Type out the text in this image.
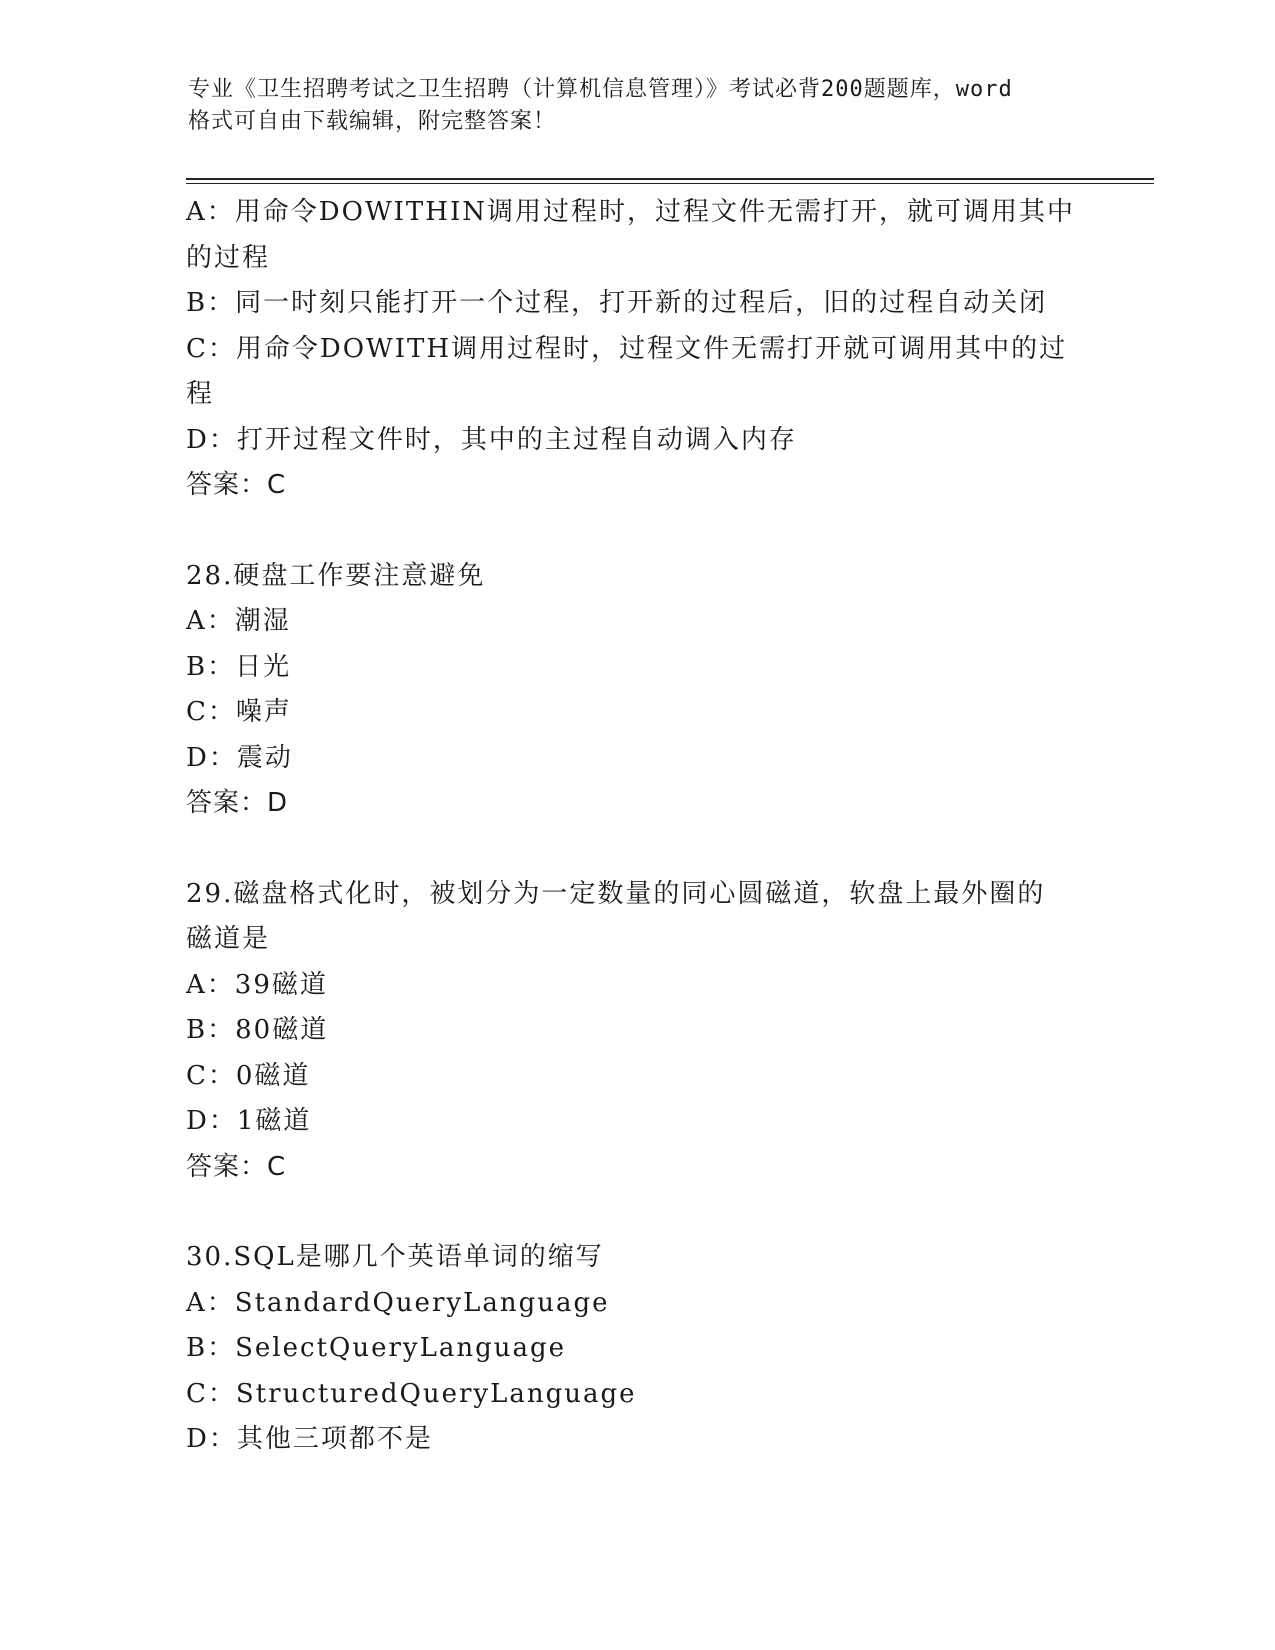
专业《卫生招聘考试之卫生招聘（计算机信息管理）》考试必背200题题库，word
格式可自由下载编辑，附完整答案！
A：用命令DOWITHIN调用过程时，过程文件无需打开，就可调用其中
的过程
B：同一时刻只能打开一个过程，打开新的过程后，旧的过程自动关闭
C：用命令DOWITH调用过程时，过程文件无需打开就可调用其中的过
程
D：打开过程文件时，其中的主过程自动调入内存
答案：C
28.硬盘工作要注意避免
A：潮湿
B：日光
C：噪声
D：震动
答案：D
29.磁盘格式化时，被划分为一定数量的同心圆磁道，软盘上最外圈的
磁道是
A：39磁道
B：80磁道
C：0磁道
D：1磁道
答案：C
30.SQL是哪几个英语单词的缩写
A：StandardQueryLanguage
B：SelectQueryLanguage
C：StructuredQueryLanguage
D：其他三项都不是
